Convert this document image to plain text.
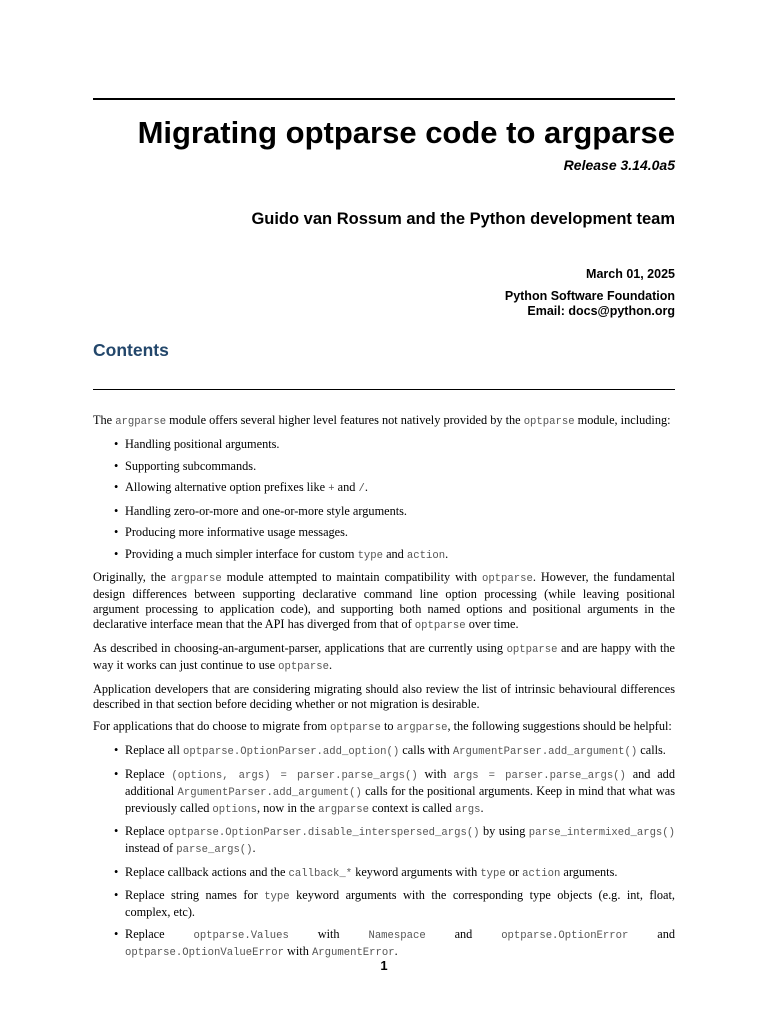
Migrating optparse code to argparse
Release 3.14.0a5
Guido van Rossum and the Python development team
March 01, 2025
Python Software Foundation
Email: docs@python.org
Contents

The argparse module offers several higher level features not natively provided by the optparse module, including:

• Handling positional arguments.
• Supporting subcommands.
• Allowing alternative option prefixes like + and /.
• Handling zero-or-more and one-or-more style arguments.
• Producing more informative usage messages.
• Providing a much simpler interface for custom type and action.

Originally, the argparse module attempted to maintain compatibility with optparse. However, the fundamental design differences between supporting declarative command line option processing (while leaving positional argument processing to application code), and supporting both named options and positional arguments in the declarative interface mean that the API has diverged from that of optparse over time.

As described in choosing-an-argument-parser, applications that are currently using optparse and are happy with the way it works can just continue to use optparse.

Application developers that are considering migrating should also review the list of intrinsic behavioural differences described in that section before deciding whether or not migration is desirable.

For applications that do choose to migrate from optparse to argparse, the following suggestions should be helpful:

• Replace all optparse.OptionParser.add_option() calls with ArgumentParser.add_argument() calls.
• Replace (options, args) = parser.parse_args() with args = parser.parse_args() and add additional ArgumentParser.add_argument() calls for the positional arguments. Keep in mind that what was previously called options, now in the argparse context is called args.
• Replace optparse.OptionParser.disable_interspersed_args() by using parse_intermixed_args() instead of parse_args().
• Replace callback actions and the callback_* keyword arguments with type or action arguments.
• Replace string names for type keyword arguments with the corresponding type objects (e.g. int, float, complex, etc).
• Replace optparse.Values with Namespace and optparse.OptionError and optparse.OptionValueError with ArgumentError.
1
